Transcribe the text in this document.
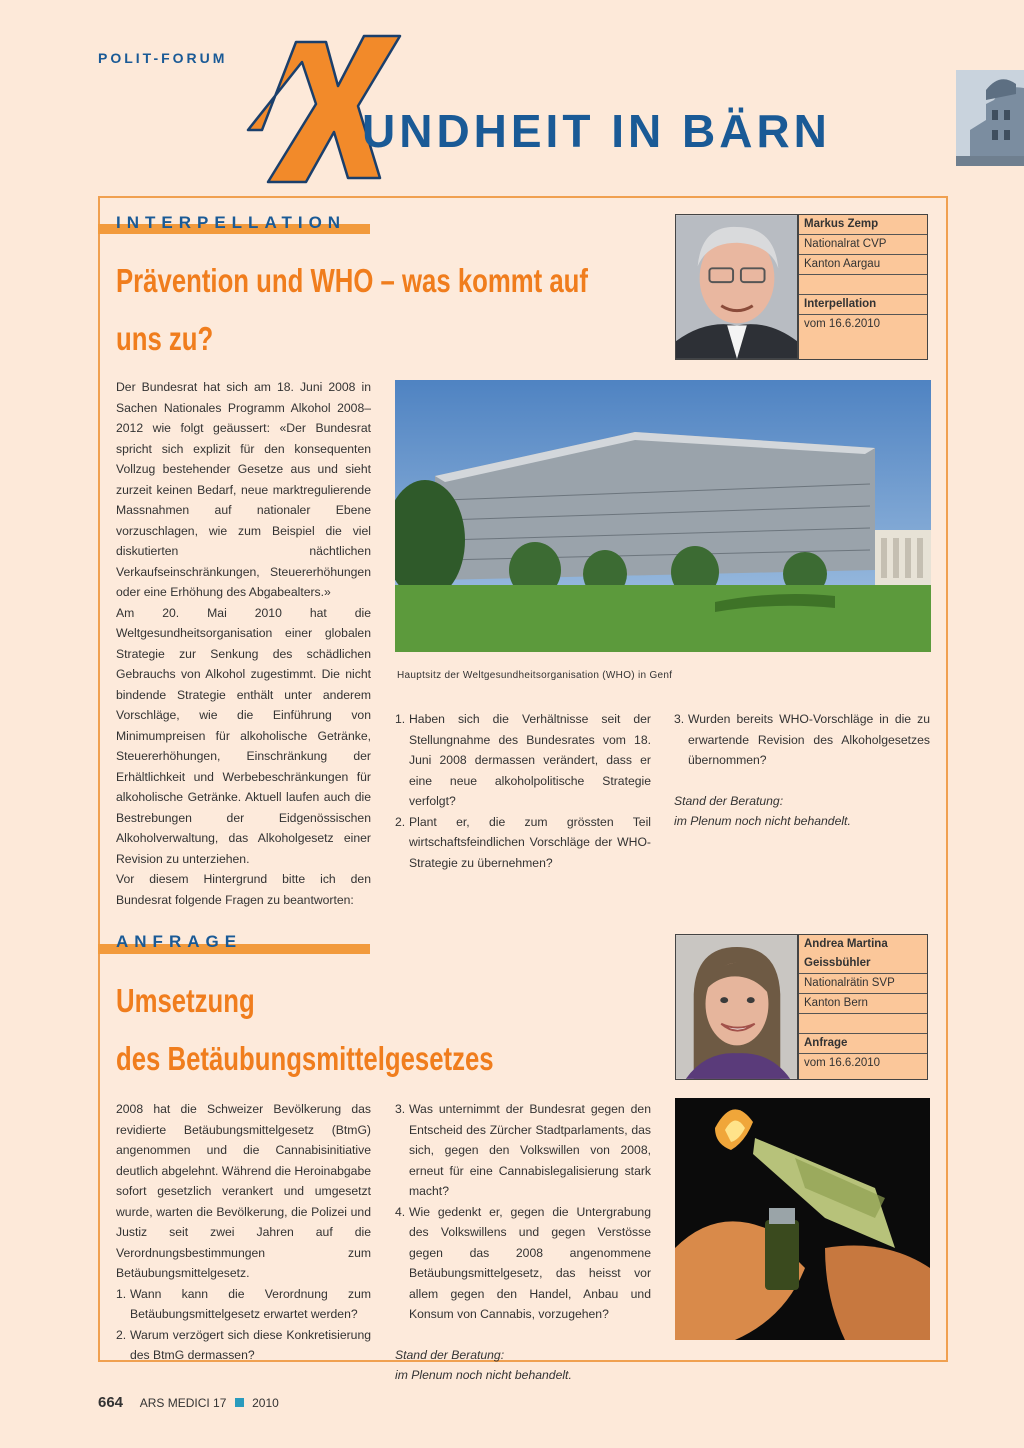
POLIT-FORUM
X
UNDHEIT IN BÄRN
INTERPELLATION
Prävention und WHO – was kommt auf
uns zu?
Markus Zemp
Nationalrat CVP
Kanton Aargau
Interpellation
vom 16.6.2010

Der Bundesrat hat sich am 18. Juni 2008 in Sachen Nationales Programm Alkohol 2008–2012 wie folgt geäussert: «Der Bundesrat spricht sich explizit für den konsequenten Vollzug bestehender Gesetze aus und sieht zurzeit keinen Bedarf, neue marktregulierende Massnahmen auf nationaler Ebene vorzuschlagen, wie zum Beispiel die viel diskutierten nächtlichen Verkaufseinschränkungen, Steuererhöhungen oder eine Erhöhung des Abgabealters.»

Am 20. Mai 2010 hat die Weltgesundheitsorganisation einer globalen Strategie zur Senkung des schädlichen Gebrauchs von Alkohol zugestimmt. Die nicht bindende Strategie enthält unter anderem Vorschläge, wie die Einführung von Minimumpreisen für alkoholische Getränke, Steuererhöhungen, Einschränkung der Erhältlichkeit und Werbebeschränkungen für alkoholische Getränke. Aktuell laufen auch die Bestrebungen der Eidgenössischen Alkoholverwaltung, das Alkoholgesetz einer Revision zu unterziehen.

Vor diesem Hintergrund bitte ich den Bundesrat folgende Fragen zu beantworten:

Hauptsitz der Weltgesundheitsorganisation (WHO) in Genf
1. Haben sich die Verhältnisse seit der Stellungnahme des Bundesrates vom 18. Juni 2008 dermassen verändert, dass er eine neue alkoholpolitische Strategie verfolgt?
2. Plant er, die zum grössten Teil wirtschaftsfeindlichen Vorschläge der WHO-Strategie zu übernehmen?
3. Wurden bereits WHO-Vorschläge in die zu erwartende Revision des Alkoholgesetzes übernommen?
Stand der Beratung:
im Plenum noch nicht behandelt.
ANFRAGE
Umsetzung
des Betäubungsmittelgesetzes
Andrea Martina
Geissbühler
Nationalrätin SVP
Kanton Bern
Anfrage
vom 16.6.2010

2008 hat die Schweizer Bevölkerung das revidierte Betäubungsmittelgesetz (BtmG) angenommen und die Cannabisinitiative deutlich abgelehnt. Während die Heroinabgabe sofort gesetzlich verankert und umgesetzt wurde, warten die Bevölkerung, die Polizei und Justiz seit zwei Jahren auf die Verordnungsbestimmungen zum Betäubungsmittelgesetz.

1. Wann kann die Verordnung zum Betäubungsmittelgesetz erwartet werden?
2. Warum verzögert sich diese Konkretisierung des BtmG dermassen?
3. Was unternimmt der Bundesrat gegen den Entscheid des Zürcher Stadtparlaments, das sich, gegen den Volkswillen von 2008, erneut für eine Cannabislegalisierung stark macht?
4. Wie gedenkt er, gegen die Untergrabung des Volkswillens und gegen Verstösse gegen das 2008 angenommene Betäubungsmittelgesetz, das heisst vor allem gegen den Handel, Anbau und Konsum von Cannabis, vorzugehen?
Stand der Beratung:
im Plenum noch nicht behandelt.
664 ARS MEDICI 17 2010
